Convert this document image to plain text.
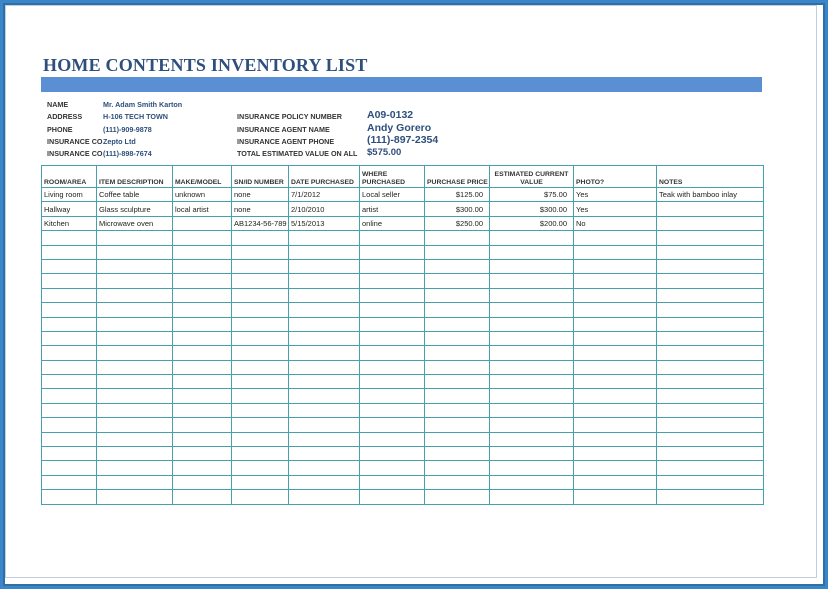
HOME CONTENTS INVENTORY LIST
NAME	Mr. Adam Smith Karton
ADDRESS	H-106 TECH TOWN
PHONE	(111)-909-9878
INSURANCE CO Zepto Ltd
INSURANCE CO (111)-898-7674
INSURANCE POLICY NUMBER A09-0132
INSURANCE AGENT NAME	Andy Gorero
INSURANCE AGENT PHONE	(111)-897-2354
TOTAL ESTIMATED VALUE ON ALL $575.00
ROOM/AREA	ITEM DESCRIPTION	MAKE/MODEL	SN/ID NUMBER	DATE PURCHASED	WHERE PURCHASED	PURCHASE PRICE	ESTIMATED CURRENT VALUE	PHOTO?	NOTES
Living room	Coffee table	unknown	none	7/1/2012	Local seller	$125.00	$75.00	Yes	Teak with bamboo inlay
Hallway	Glass sculpture	local artist	none	2/10/2010	artist	$300.00	$300.00	Yes	
Kitchen	Microwave oven		AB1234-56-789	5/15/2013	online	$250.00	$200.00	No	
